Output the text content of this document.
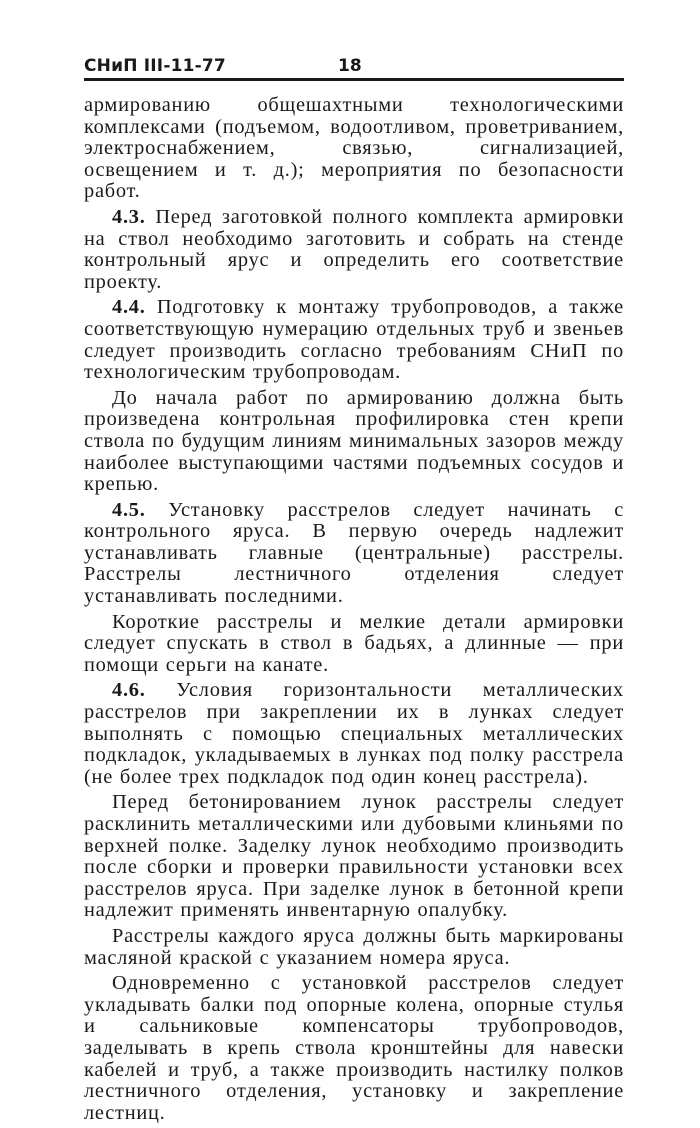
СНиП III-11-77	18

армированию общешахтными технологическими комплексами (подъемом, водоотливом, проветриванием, электроснабжением, связью, сигнализацией, освещением и т. д.); мероприятия по безопасности работ.

4.3. Перед заготовкой полного комплекта армировки на ствол необходимо заготовить и собрать на стенде контрольный ярус и определить его соответствие проекту.

4.4. Подготовку к монтажу трубопроводов, а также соответствующую нумерацию отдельных труб и звеньев следует производить согласно требованиям СНиП по технологическим трубопроводам.

До начала работ по армированию должна быть произведена контрольная профилировка стен крепи ствола по будущим линиям минимальных зазоров между наиболее выступающими частями подъемных сосудов и крепью.

4.5. Установку расстрелов следует начинать с контрольного яруса. В первую очередь надлежит устанавливать главные (центральные) расстрелы. Расстрелы лестничного отделения следует устанавливать последними.

Короткие расстрелы и мелкие детали армировки следует спускать в ствол в бадьях, а длинные — при помощи серьги на канате.

4.6. Условия горизонтальности металлических расстрелов при закреплении их в лунках следует выполнять с помощью специальных металлических подкладок, укладываемых в лунках под полку расстрела (не более трех подкладок под один конец расстрела).

Перед бетонированием лунок расстрелы следует расклинить металлическими или дубовыми клиньями по верхней полке. Заделку лунок необходимо производить после сборки и проверки правильности установки всех расстрелов яруса. При заделке лунок в бетонной крепи надлежит применять инвентарную опалубку.

Расстрелы каждого яруса должны быть маркированы масляной краской с указанием номера яруса.

Одновременно с установкой расстрелов следует укладывать балки под опорные колена, опорные стулья и сальниковые компенсаторы трубопроводов, заделывать в крепь ствола кронштейны для навески кабелей и труб, а также производить настилку полков лестничного отделения, установку и закрепление лестниц.
